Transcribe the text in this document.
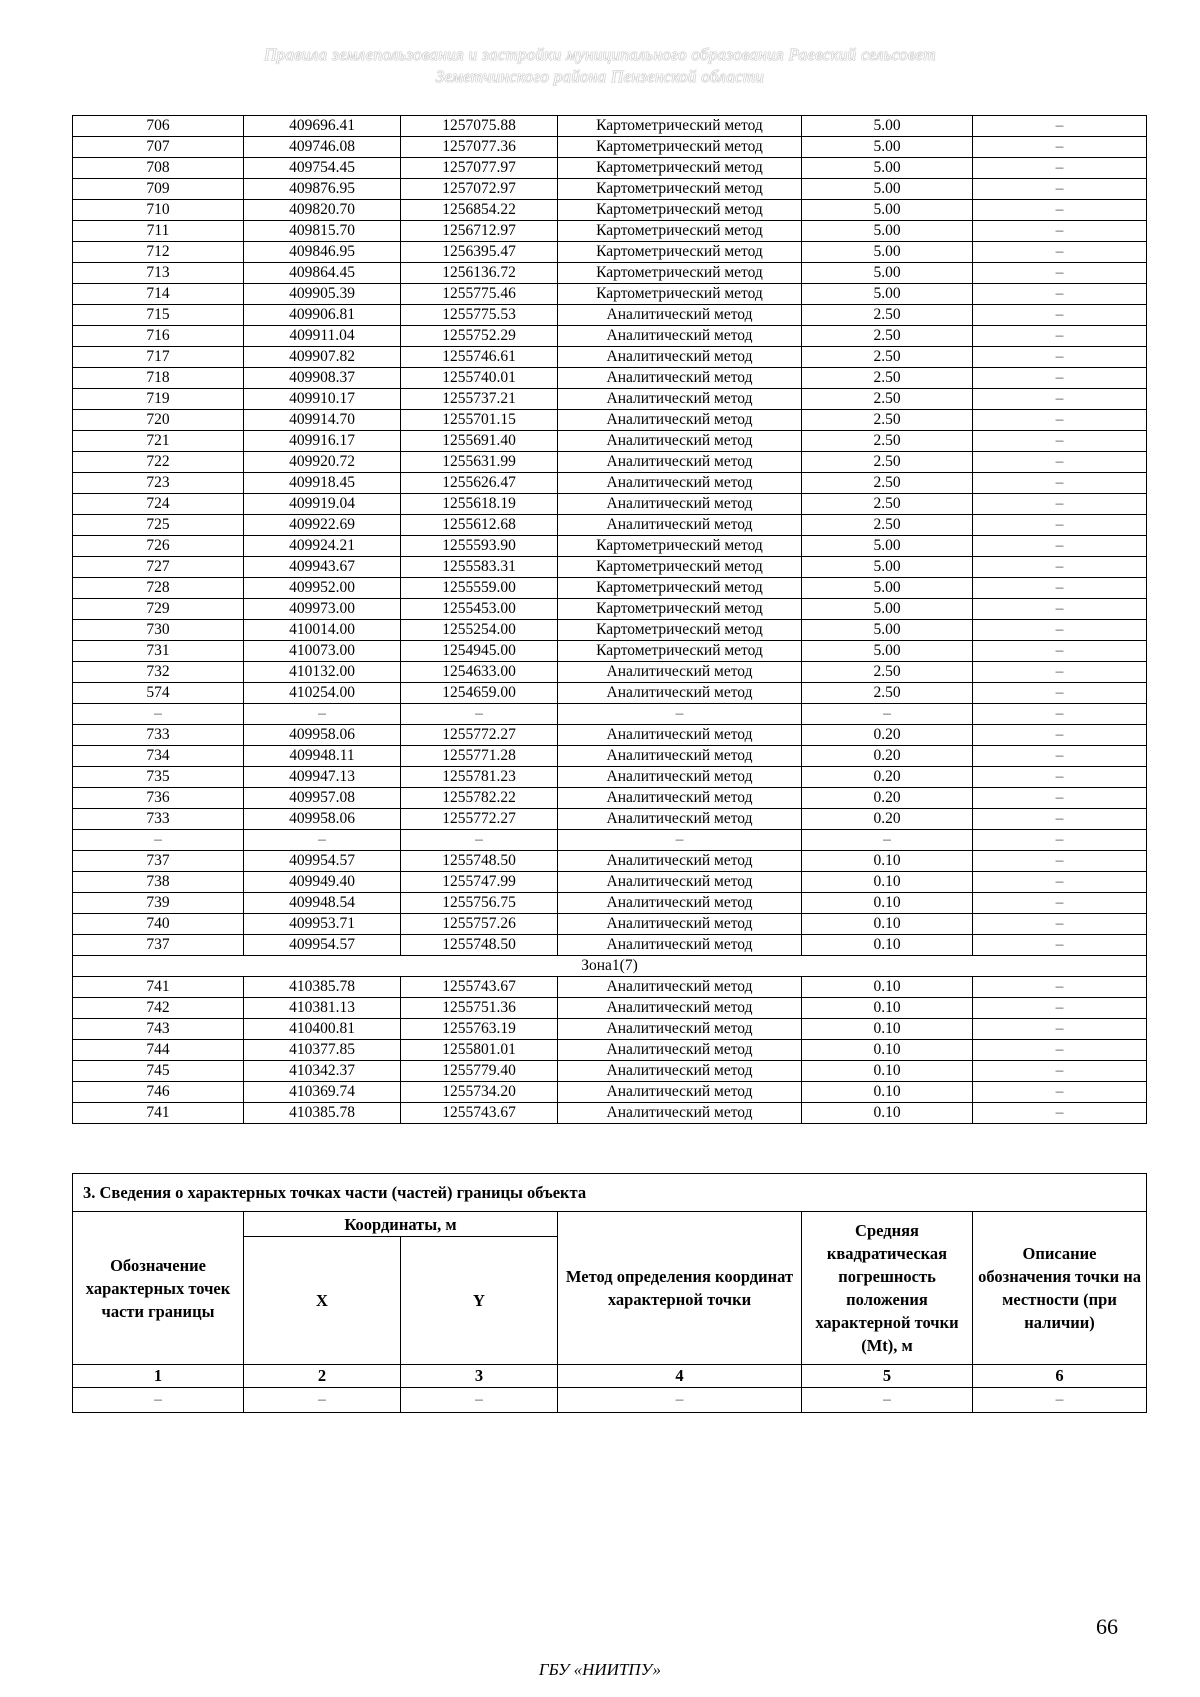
Правила землепользования и застройки муниципального образования Раевский сельсовет
Земетчинского района Пензенской области
706	409696.41	1257075.88	Картометрический метод	5.00	–
707	409746.08	1257077.36	Картометрический метод	5.00	–
708	409754.45	1257077.97	Картометрический метод	5.00	–
709	409876.95	1257072.97	Картометрический метод	5.00	–
710	409820.70	1256854.22	Картометрический метод	5.00	–
711	409815.70	1256712.97	Картометрический метод	5.00	–
712	409846.95	1256395.47	Картометрический метод	5.00	–
713	409864.45	1256136.72	Картометрический метод	5.00	–
714	409905.39	1255775.46	Картометрический метод	5.00	–
715	409906.81	1255775.53	Аналитический метод	2.50	–
716	409911.04	1255752.29	Аналитический метод	2.50	–
717	409907.82	1255746.61	Аналитический метод	2.50	–
718	409908.37	1255740.01	Аналитический метод	2.50	–
719	409910.17	1255737.21	Аналитический метод	2.50	–
720	409914.70	1255701.15	Аналитический метод	2.50	–
721	409916.17	1255691.40	Аналитический метод	2.50	–
722	409920.72	1255631.99	Аналитический метод	2.50	–
723	409918.45	1255626.47	Аналитический метод	2.50	–
724	409919.04	1255618.19	Аналитический метод	2.50	–
725	409922.69	1255612.68	Аналитический метод	2.50	–
726	409924.21	1255593.90	Картометрический метод	5.00	–
727	409943.67	1255583.31	Картометрический метод	5.00	–
728	409952.00	1255559.00	Картометрический метод	5.00	–
729	409973.00	1255453.00	Картометрический метод	5.00	–
730	410014.00	1255254.00	Картометрический метод	5.00	–
731	410073.00	1254945.00	Картометрический метод	5.00	–
732	410132.00	1254633.00	Аналитический метод	2.50	–
574	410254.00	1254659.00	Аналитический метод	2.50	–
–	–	–	–	–	–
733	409958.06	1255772.27	Аналитический метод	0.20	–
734	409948.11	1255771.28	Аналитический метод	0.20	–
735	409947.13	1255781.23	Аналитический метод	0.20	–
736	409957.08	1255782.22	Аналитический метод	0.20	–
733	409958.06	1255772.27	Аналитический метод	0.20	–
–	–	–	–	–	–
737	409954.57	1255748.50	Аналитический метод	0.10	–
738	409949.40	1255747.99	Аналитический метод	0.10	–
739	409948.54	1255756.75	Аналитический метод	0.10	–
740	409953.71	1255757.26	Аналитический метод	0.10	–
737	409954.57	1255748.50	Аналитический метод	0.10	–
Зона1(7)					
741	410385.78	1255743.67	Аналитический метод	0.10	–
742	410381.13	1255751.36	Аналитический метод	0.10	–
743	410400.81	1255763.19	Аналитический метод	0.10	–
744	410377.85	1255801.01	Аналитический метод	0.10	–
745	410342.37	1255779.40	Аналитический метод	0.10	–
746	410369.74	1255734.20	Аналитический метод	0.10	–
741	410385.78	1255743.67	Аналитический метод	0.10	–
3. Сведения о характерных точках части (частей) границы объекта					
Обозначение характерных точек части границы	Координаты, м		Метод определения координат характерной точки	Средняя квадратическая погрешность положения характерной точки (Mt), м	Описание обозначения точки на местности (при наличии)
	X	Y			
1	2	3	4	5	6
–	–	–	–	–	–
66
ГБУ «НИИТПУ»
